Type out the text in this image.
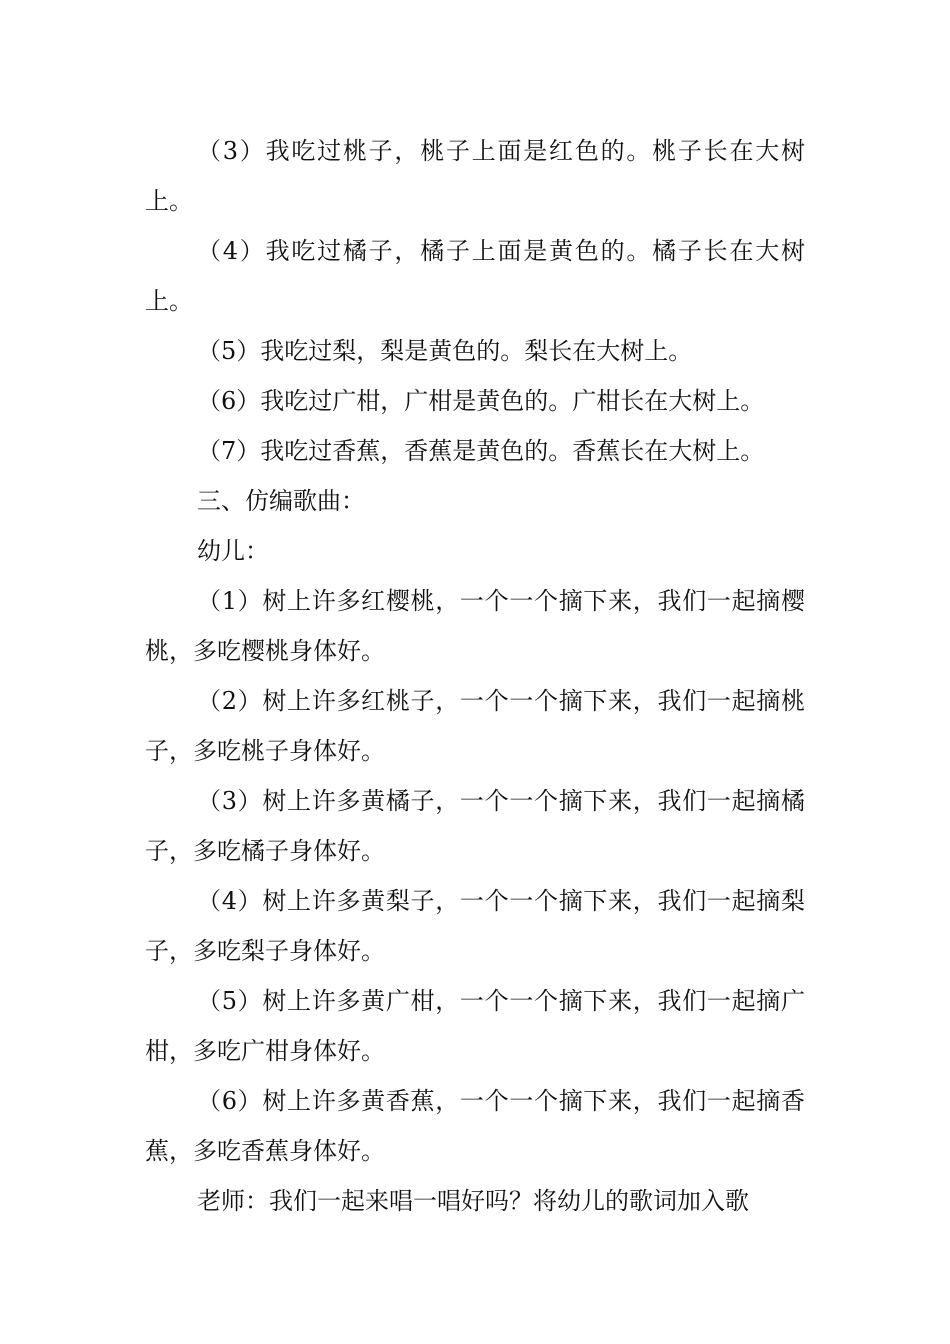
（3）我吃过桃子，桃子上面是红色的。桃子长在大树上。

（4）我吃过橘子，橘子上面是黄色的。橘子长在大树上。

（5）我吃过梨，梨是黄色的。梨长在大树上。

（6）我吃过广柑，广柑是黄色的。广柑长在大树上。

（7）我吃过香蕉，香蕉是黄色的。香蕉长在大树上。

三、仿编歌曲：

幼儿：

（1）树上许多红樱桃，一个一个摘下来，我们一起摘樱桃，多吃樱桃身体好。

（2）树上许多红桃子，一个一个摘下来，我们一起摘桃子，多吃桃子身体好。

（3）树上许多黄橘子，一个一个摘下来，我们一起摘橘子，多吃橘子身体好。

（4）树上许多黄梨子，一个一个摘下来，我们一起摘梨子，多吃梨子身体好。

（5）树上许多黄广柑，一个一个摘下来，我们一起摘广柑，多吃广柑身体好。

（6）树上许多黄香蕉，一个一个摘下来，我们一起摘香蕉，多吃香蕉身体好。

老师：我们一起来唱一唱好吗？将幼儿的歌词加入歌
